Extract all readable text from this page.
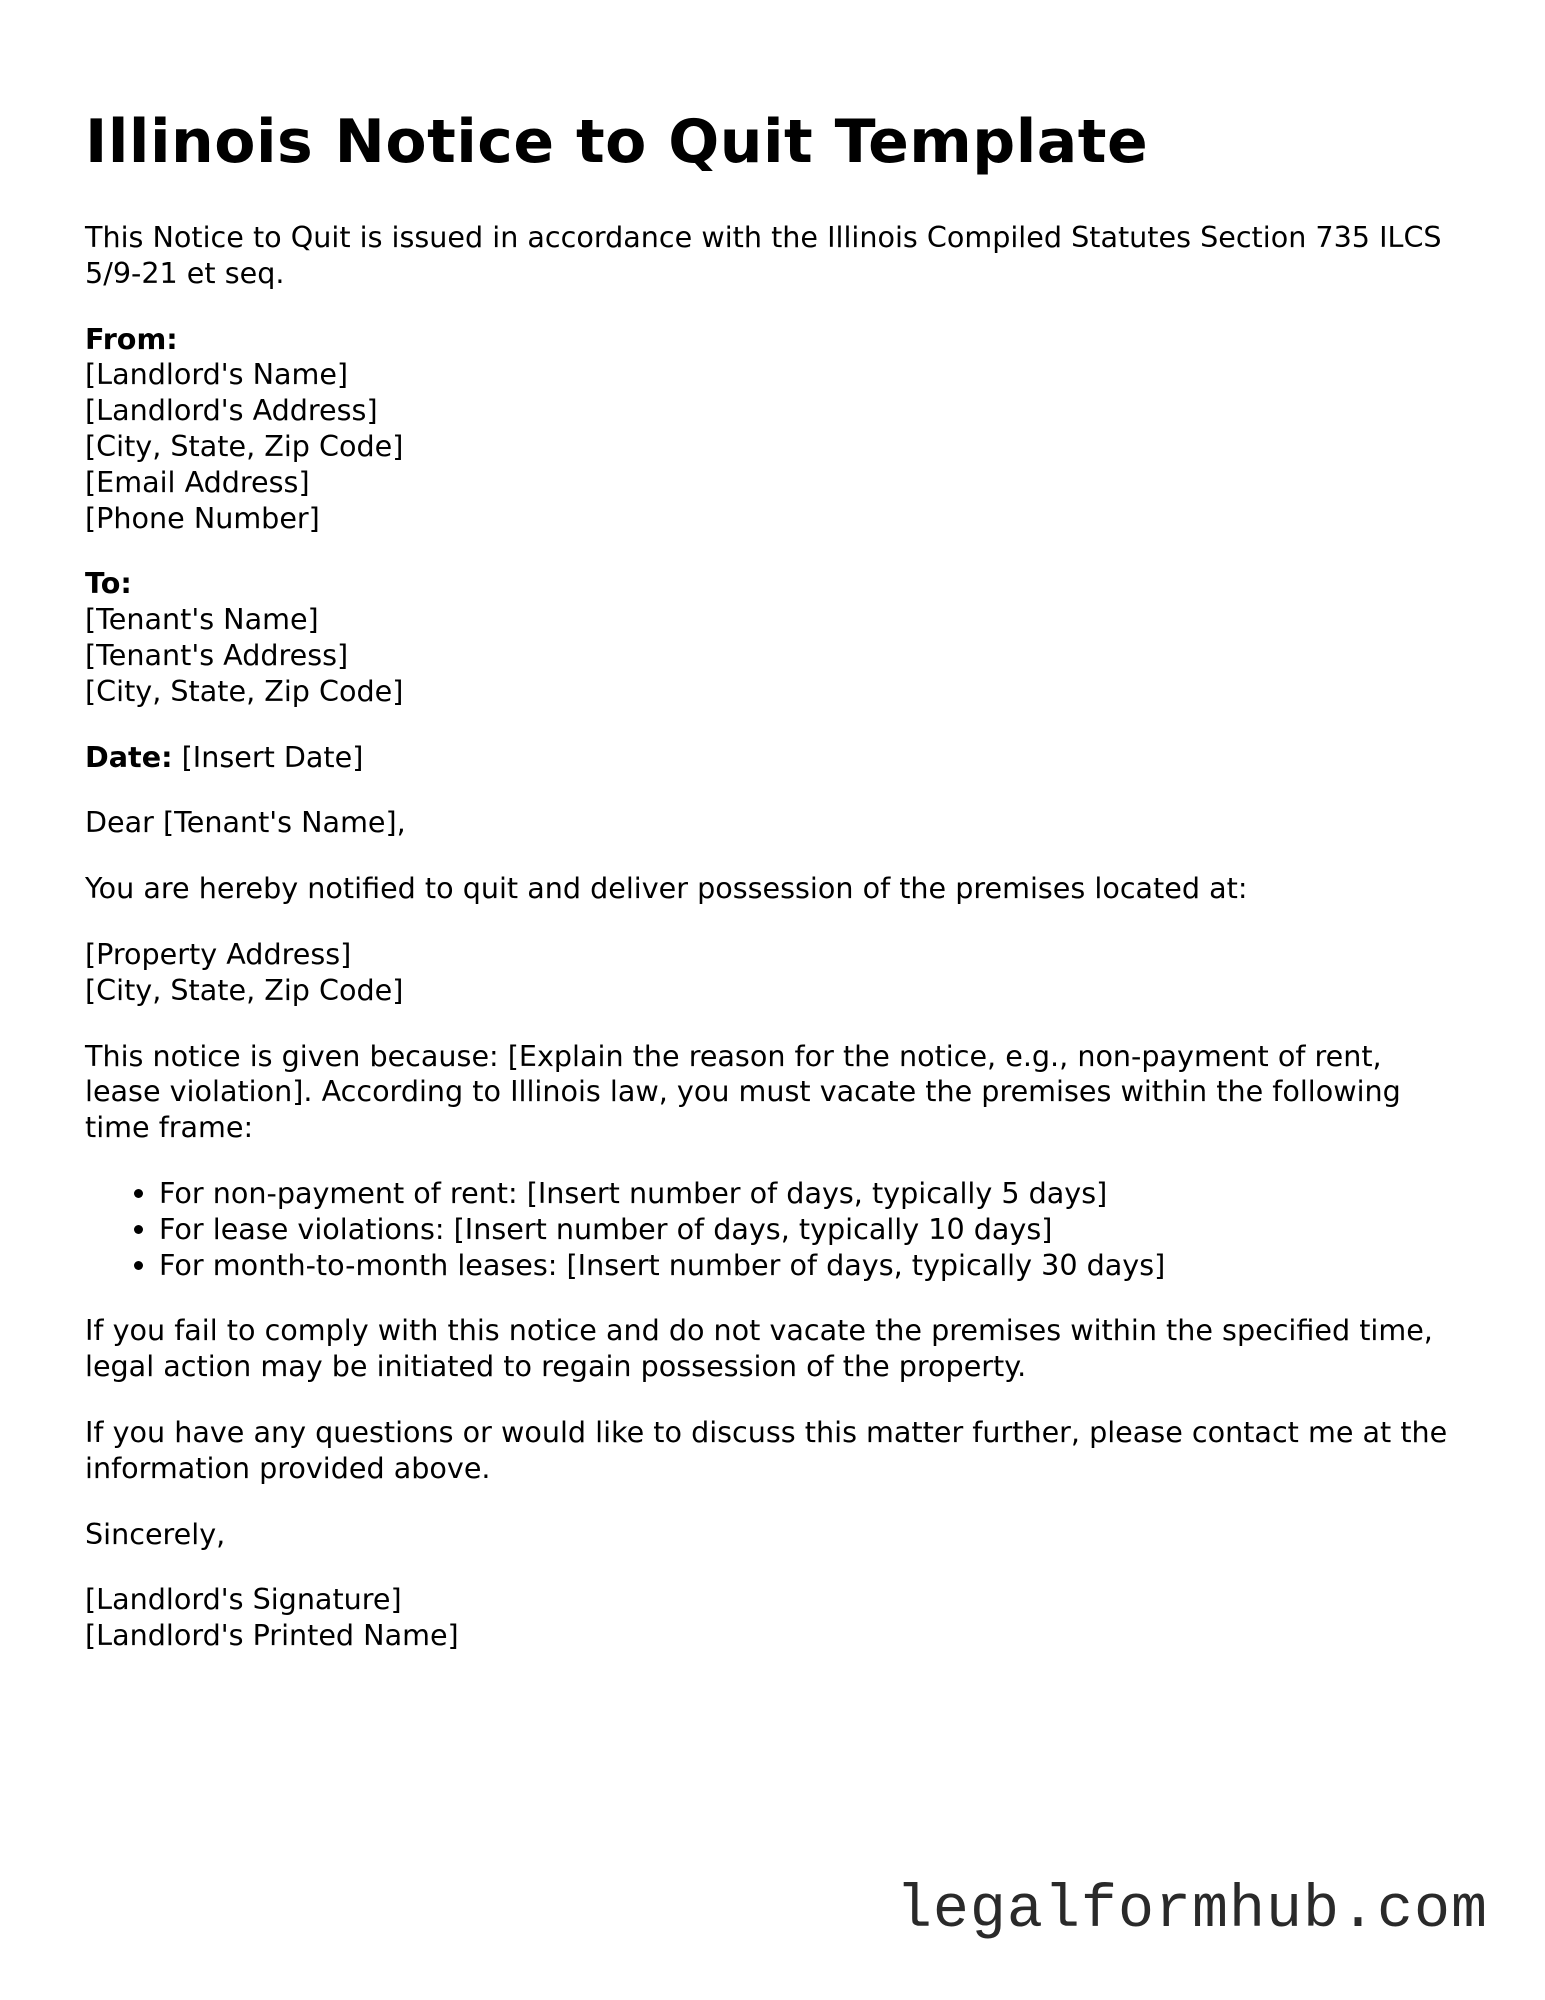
Illinois Notice to Quit Template

This Notice to Quit is issued in accordance with the Illinois Compiled Statutes Section 735 ILCS 5/9-21 et seq.

From:
[Landlord's Name]
[Landlord's Address]
[City, State, Zip Code]
[Email Address]
[Phone Number]

To:
[Tenant's Name]
[Tenant's Address]
[City, State, Zip Code]

Date: [Insert Date]

Dear [Tenant's Name],

You are hereby notified to quit and deliver possession of the premises located at:

[Property Address]
[City, State, Zip Code]

This notice is given because: [Explain the reason for the notice, e.g., non-payment of rent, lease violation]. According to Illinois law, you must vacate the premises within the following time frame:

• For non-payment of rent: [Insert number of days, typically 5 days]
• For lease violations: [Insert number of days, typically 10 days]
• For month-to-month leases: [Insert number of days, typically 30 days]

If you fail to comply with this notice and do not vacate the premises within the specified time, legal action may be initiated to regain possession of the property.

If you have any questions or would like to discuss this matter further, please contact me at the information provided above.

Sincerely,

[Landlord's Signature]
[Landlord's Printed Name]

legalformhub.com
